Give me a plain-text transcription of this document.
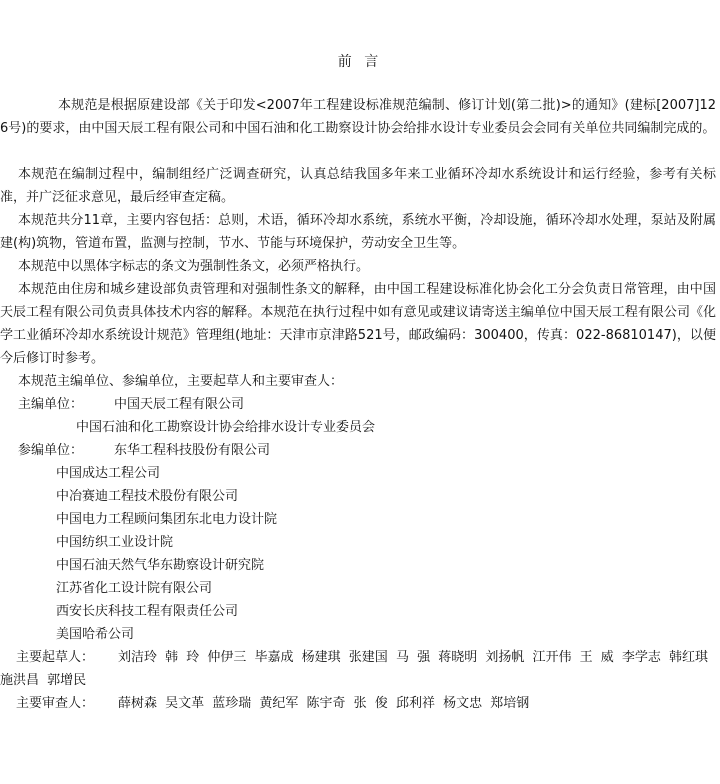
前 言
本规范是根据原建设部《关于印发<2007年工程建设标准规范编制、修订计划(第二批)>的通知》(建标[2007]126号)的要求，由中国天辰工程有限公司和中国石油和化工勘察设计协会给排水设计专业委员会会同有关单位共同编制完成的。
本规范在编制过程中，编制组经广泛调查研究，认真总结我国多年来工业循环冷却水系统设计和运行经验，参考有关标准，并广泛征求意见，最后经审查定稿。
本规范共分11章，主要内容包括：总则，术语，循环冷却水系统，系统水平衡，冷却设施，循环冷却水处理，泵站及附属建(构)筑物，管道布置，监测与控制，节水、节能与环境保护，劳动安全卫生等。
本规范中以黑体字标志的条文为强制性条文，必须严格执行。
本规范由住房和城乡建设部负责管理和对强制性条文的解释，由中国工程建设标准化协会化工分会负责日常管理，由中国天辰工程有限公司负责具体技术内容的解释。本规范在执行过程中如有意见或建议请寄送主编单位中国天辰工程有限公司《化学工业循环冷却水系统设计规范》管理组(地址：天津市京津路521号，邮政编码：300400，传真：022-86810147)，以便今后修订时参考。
本规范主编单位、参编单位，主要起草人和主要审查人：
主编单位： 中国天辰工程有限公司
中国石油和化工勘察设计协会给排水设计专业委员会
参编单位： 东华工程科技股份有限公司
中国成达工程公司
中冶赛迪工程技术股份有限公司
中国电力工程顾问集团东北电力设计院
中国纺织工业设计院
中国石油天然气华东勘察设计研究院
江苏省化工设计院有限公司
西安长庆科技工程有限责任公司
美国哈希公司
主要起草人： 刘洁玲 韩 玲 仲伊三 毕嘉成 杨建琪 张建国 马 强 蒋晓明 刘扬帆 江开伟 王 威 李学志 韩红琪 施洪昌 郭增民
主要审查人： 薛树森 吴文革 蓝珍瑞 黄纪军 陈宇奇 张 俊 邱利祥 杨文忠 郑培钢
